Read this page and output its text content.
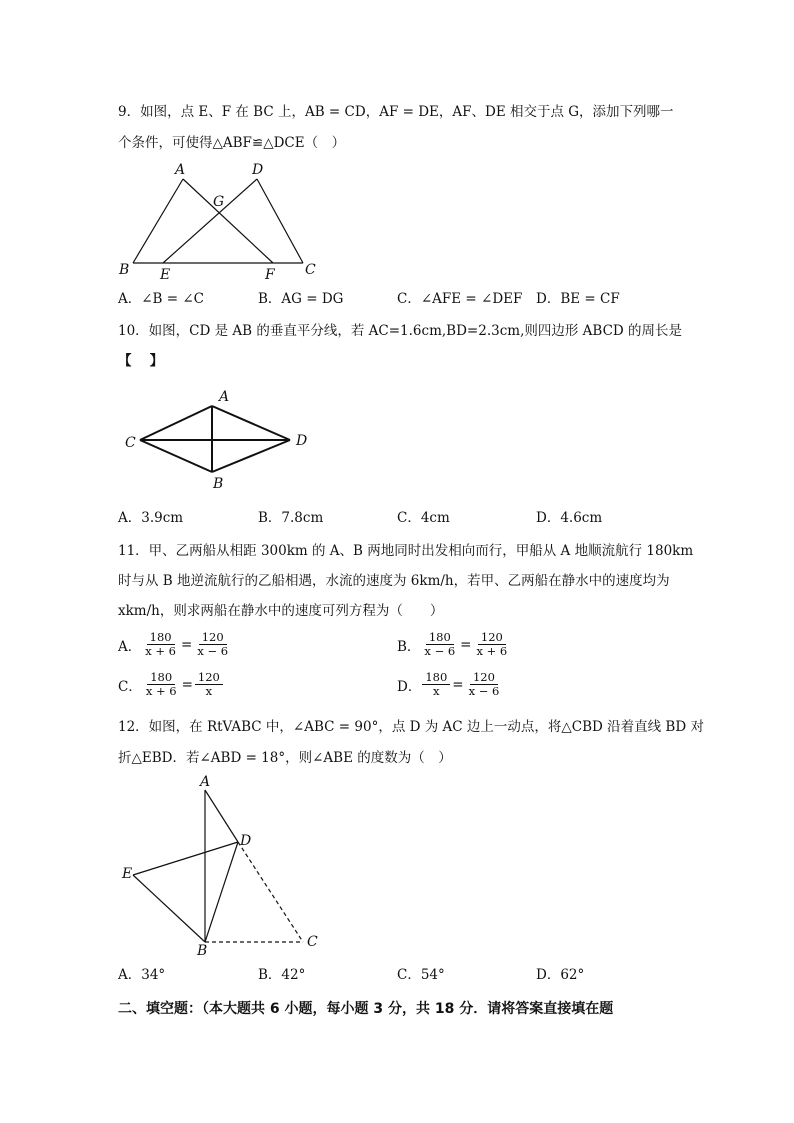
9．如图，点 E、F 在 BC 上，AB = CD，AF = DE，AF、DE 相交于点 G，添加下列哪一
个条件，可使得△ABF≌△DCE（　）
A	D
G
B E	F C
A
B
C	D
A
D
E
B
C
A．∠B = ∠C	B．AG = DG	C．∠AFE = ∠DEF D．BE = CF
10．如图，CD 是 AB 的垂直平分线，若 AC=1.6cm,BD=2.3cm,则四边形 ABCD 的周长是
【　 】
A．3.9cm	B．7.8cm	C．4cm	D．4.6cm
11．甲、乙两船从相距 300km 的 A、B 两地同时出发相向而行，甲船从 A 地顺流航行 180km
时与从 B 地逆流航行的乙船相遇，水流的速度为 6km/h，若甲、乙两船在静水中的速度均为
xkm/h，则求两船在静水中的速度可列方程为（　　）
A． $\frac{180}{x + 6} = \frac{120}{x - 6}$	B． $\frac{180}{x - 6} = \frac{120}{x + 6}$
C． $\frac{180}{x + 6} = \frac{120}{x}$	D． $\frac{180}{x} = \frac{120}{x - 6}$
12．如图，在 RtVABC 中，∠ABC = 90°，点 D 为 AC 边上一动点，将△CBD 沿着直线 BD 对
折△EBD．若∠ABD = 18°，则∠ABE 的度数为（　）
A．34°	B．42°	C．54°	D．62°
二、填空题：（本大题共 6 小题，每小题 3 分，共 18 分．请将答案直接填在题
